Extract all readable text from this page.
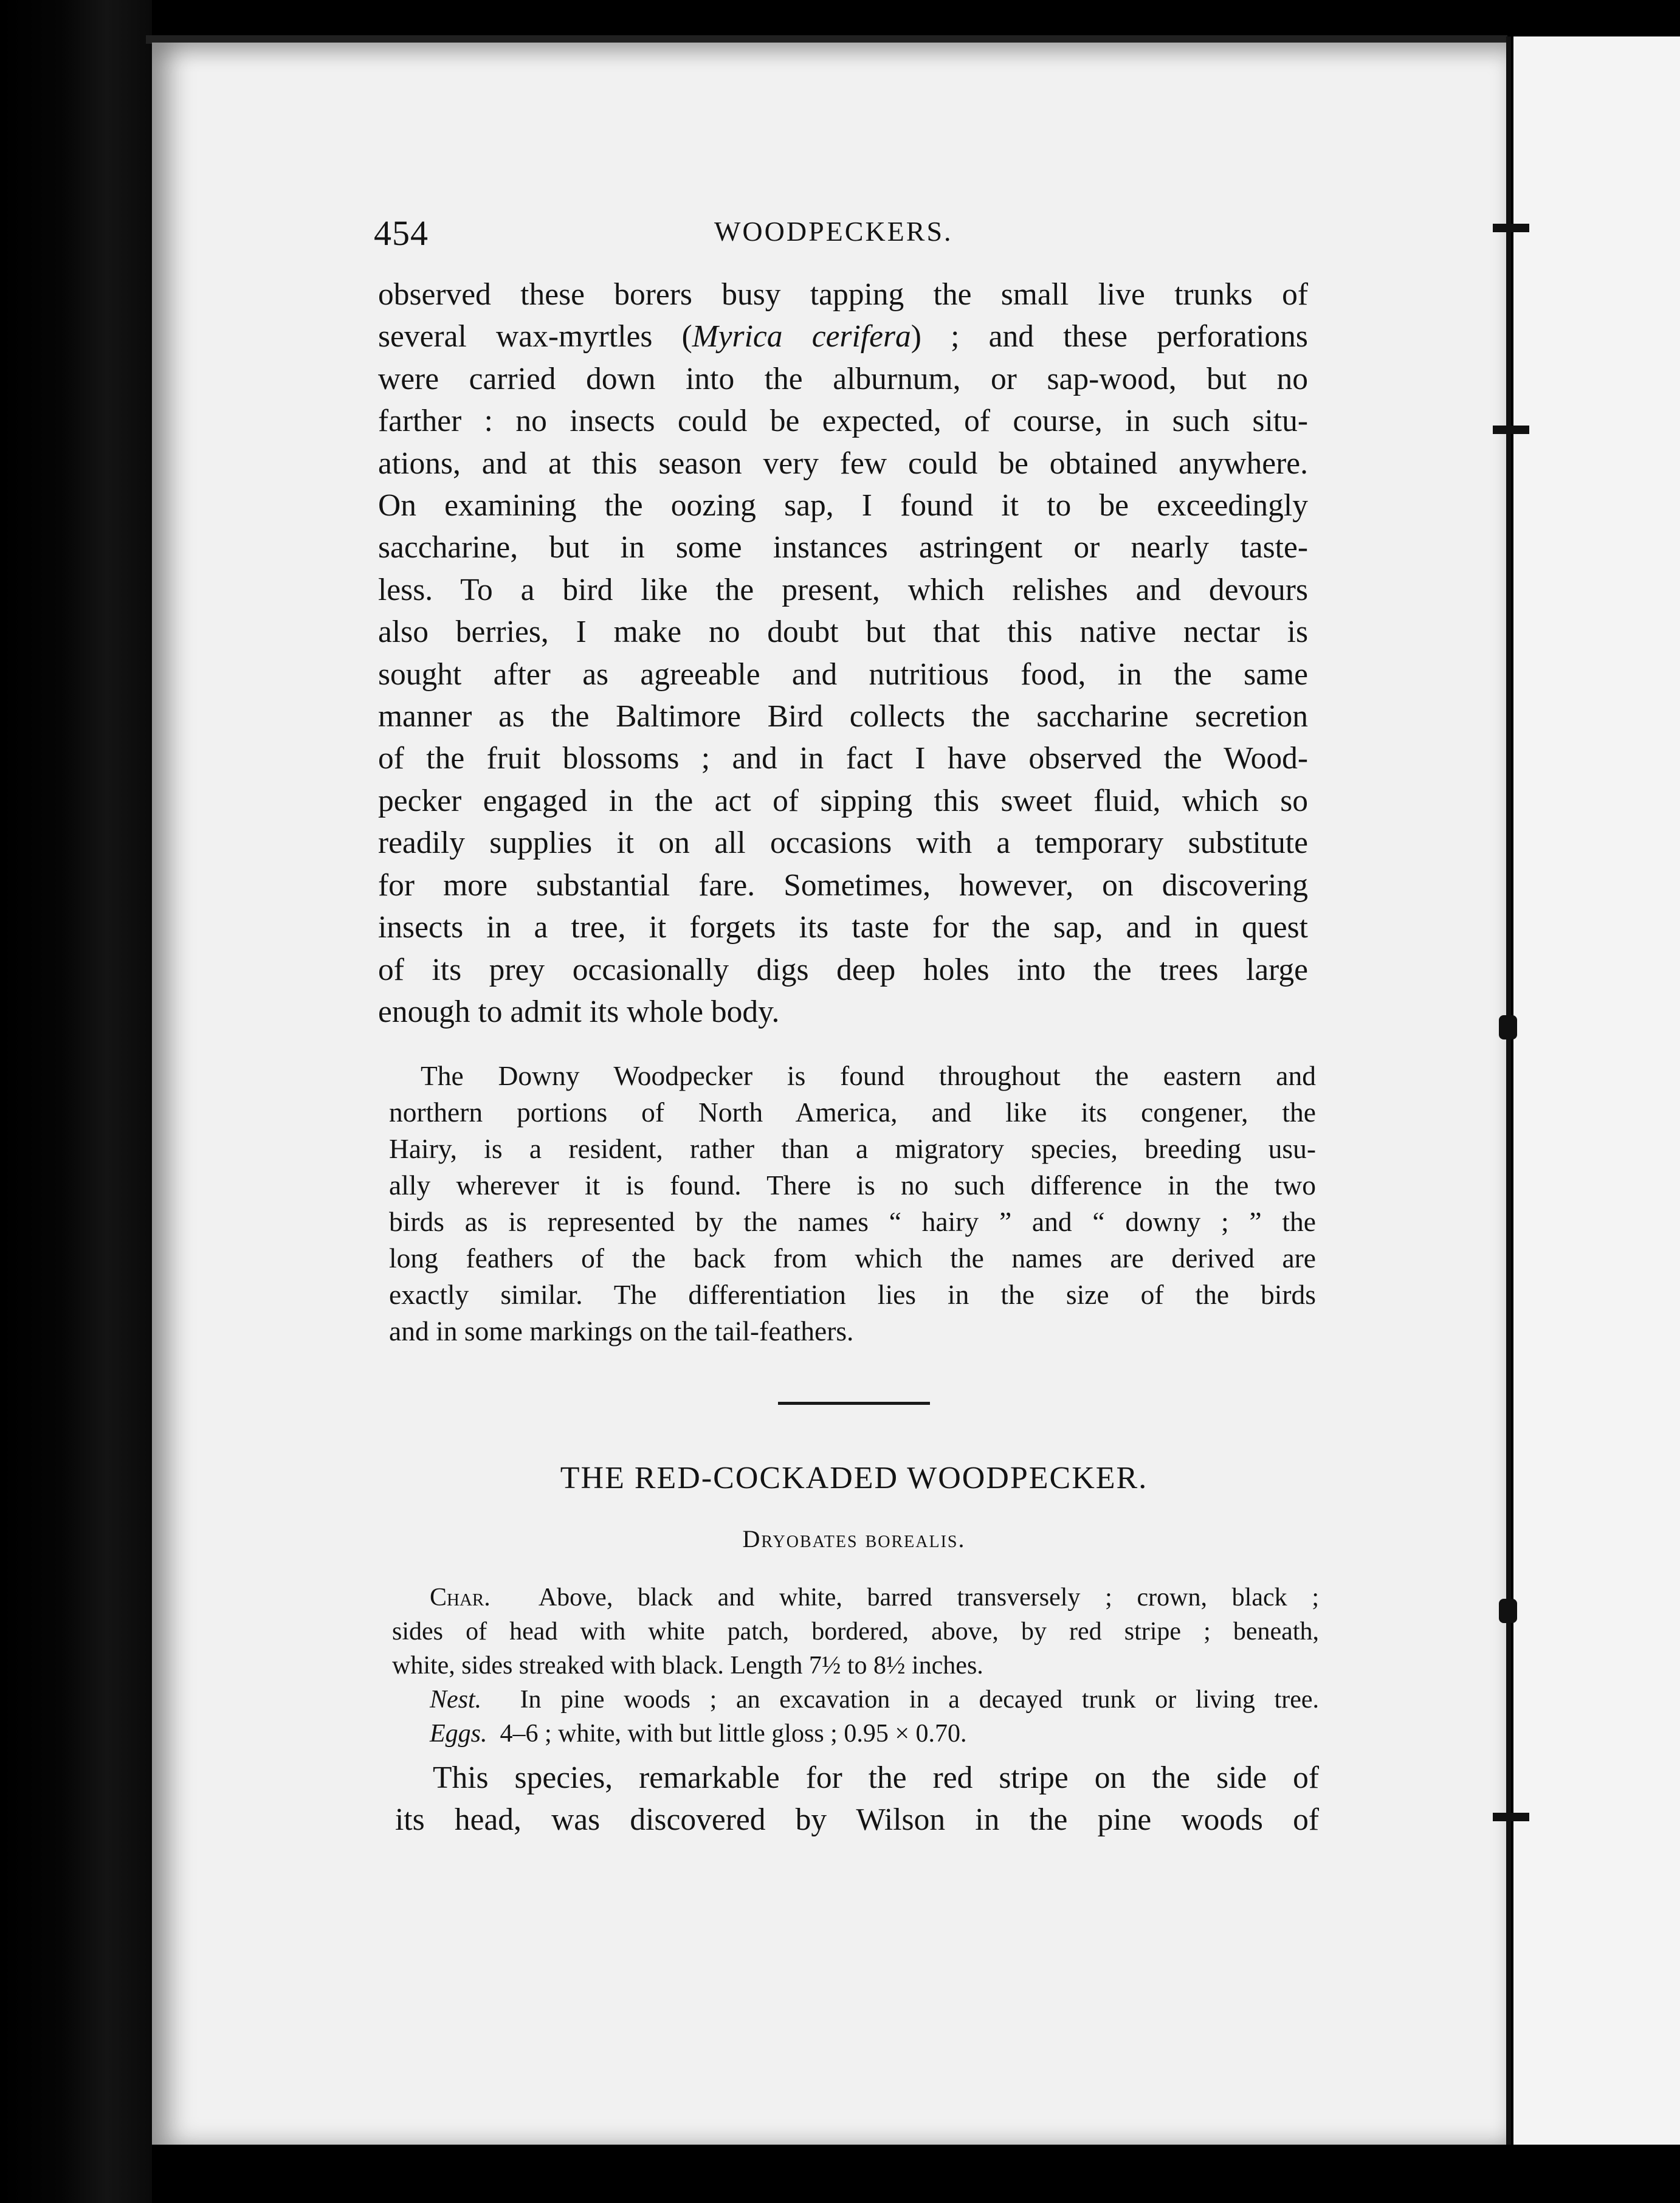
454	WOODPECKERS.
observed these borers busy tapping the small live trunks of
several wax-myrtles (Myrica cerifera) ; and these perforations
were carried down into the alburnum, or sap-wood, but no
farther : no insects could be expected, of course, in such situ-
ations, and at this season very few could be obtained anywhere.
On examining the oozing sap, I found it to be exceedingly
saccharine, but in some instances astringent or nearly taste-
less. To a bird like the present, which relishes and devours
also berries, I make no doubt but that this native nectar is
sought after as agreeable and nutritious food, in the same
manner as the Baltimore Bird collects the saccharine secretion
of the fruit blossoms ; and in fact I have observed the Wood-
pecker engaged in the act of sipping this sweet fluid, which so
readily supplies it on all occasions with a temporary substitute
for more substantial fare. Sometimes, however, on discovering
insects in a tree, it forgets its taste for the sap, and in quest
of its prey occasionally digs deep holes into the trees large
enough to admit its whole body.
The Downy Woodpecker is found throughout the eastern and
northern portions of North America, and like its congener, the
Hairy, is a resident, rather than a migratory species, breeding usu-
ally wherever it is found. There is no such difference in the two
birds as is represented by the names “ hairy ” and “ downy ; ” the
long feathers of the back from which the names are derived are
exactly similar. The differentiation lies in the size of the birds
and in some markings on the tail-feathers.
THE RED-COCKADED WOODPECKER.
Dryobates borealis.
Char. Above, black and white, barred transversely ; crown, black ;
sides of head with white patch, bordered, above, by red stripe ; beneath,
white, sides streaked with black. Length 7½ to 8½ inches.
Nest. In pine woods ; an excavation in a decayed trunk or living tree.
Eggs. 4–6 ; white, with but little gloss ; 0.95 × 0.70.
This species, remarkable for the red stripe on the side of
its head, was discovered by Wilson in the pine woods of
